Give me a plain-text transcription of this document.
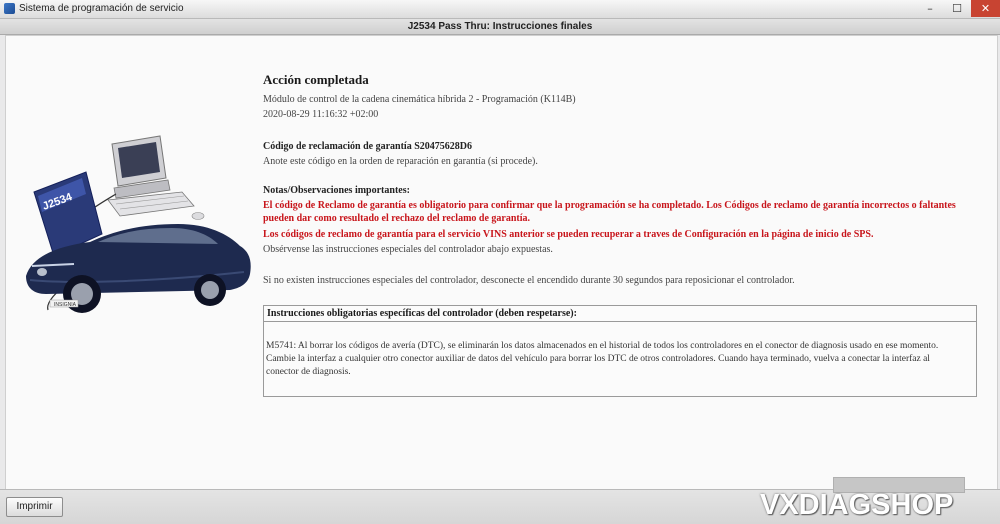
Sistema de programación de servicio	–	☐	✕
J2534 Pass Thru: Instrucciones finales
J2534
INSIGNIA
Acción completada
Módulo de control de la cadena cinemática híbrida 2 - Programación (K114B)
2020-08-29 11:16:32 +02:00
Código de reclamación de garantía S20475628D6
Anote este código en la orden de reparación en garantía (si procede).
Notas/Observaciones importantes:
El código de Reclamo de garantía es obligatorio para confirmar que la programación se ha completado. Los Códigos de reclamo de garantía incorrectos o faltantes
pueden dar como resultado el rechazo del reclamo de garantía.
Los códigos de reclamo de garantía para el servicio VINS anterior se pueden recuperar a traves de Configuración en la página de inicio de SPS.
Obsérvense las instrucciones especiales del controlador abajo expuestas.
Si no existen instrucciones especiales del controlador, desconecte el encendido durante 30 segundos para reposicionar el controlador.
Instrucciones obligatorias específicas del controlador (deben respetarse):
M5741: Al borrar los códigos de avería (DTC), se eliminarán los datos almacenados en el historial de todos los controladores en el conector de diagnosis usado en ese momento.
Cambie la interfaz a cualquier otro conector auxiliar de datos del vehículo para borrar los DTC de otros controladores. Cuando haya terminado, vuelva a conectar la interfaz al
conector de diagnosis.
Imprimir	VXDIAGSHOP
